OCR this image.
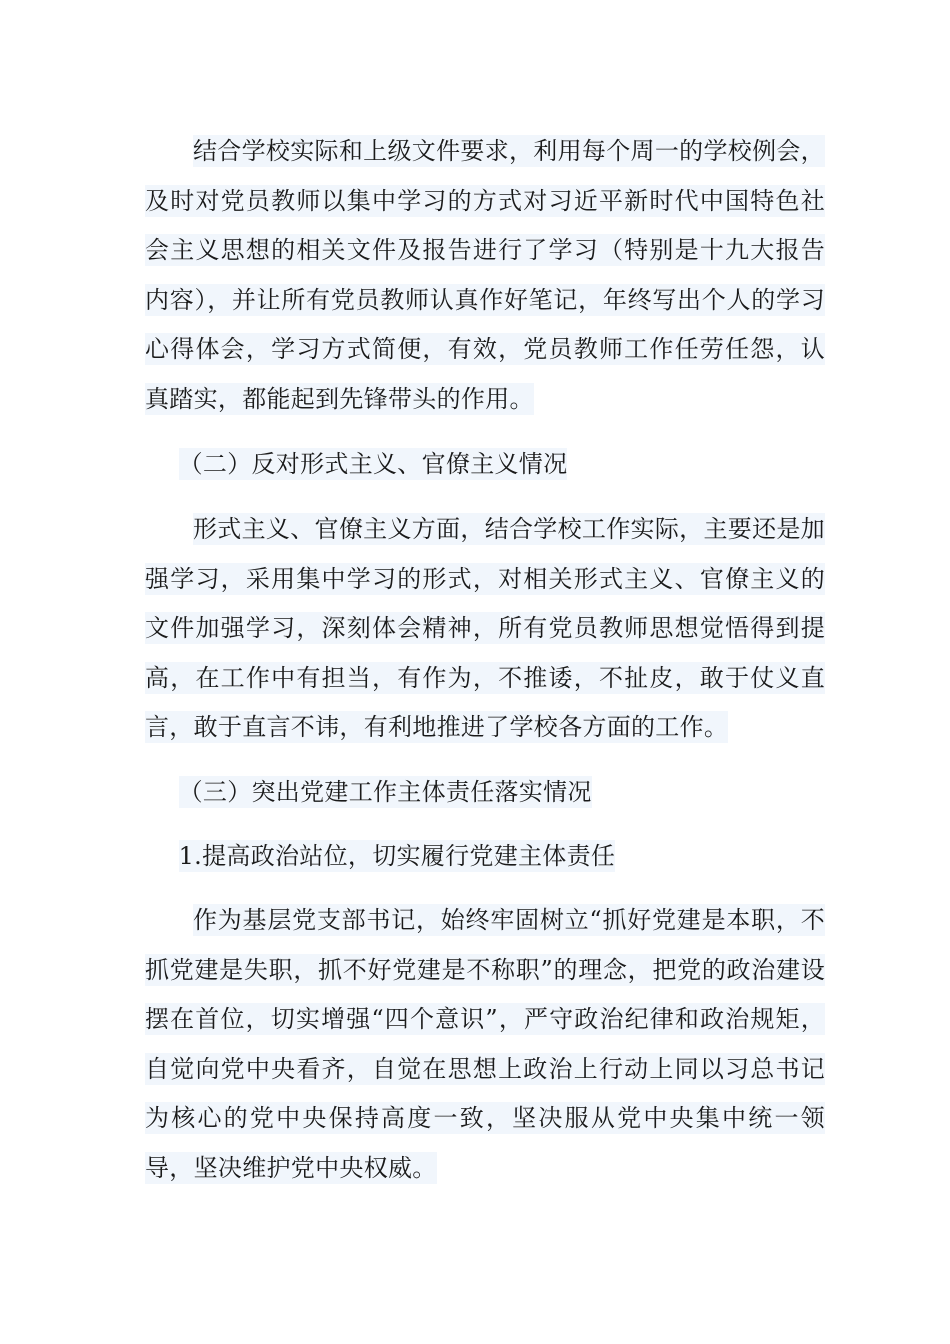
结合学校实际和上级文件要求，利用每个周一的学校例会，及时对党员教师以集中学习的方式对习近平新时代中国特色社会主义思想的相关文件及报告进行了学习（特别是十九大报告内容），并让所有党员教师认真作好笔记，年终写出个人的学习心得体会，学习方式简便，有效，党员教师工作任劳任怨，认真踏实，都能起到先锋带头的作用。

（二）反对形式主义、官僚主义情况

形式主义、官僚主义方面，结合学校工作实际，主要还是加强学习，采用集中学习的形式，对相关形式主义、官僚主义的文件加强学习，深刻体会精神，所有党员教师思想觉悟得到提高，在工作中有担当，有作为，不推诿，不扯皮，敢于仗义直言，敢于直言不讳，有利地推进了学校各方面的工作。

（三）突出党建工作主体责任落实情况

1.提高政治站位，切实履行党建主体责任

作为基层党支部书记，始终牢固树立“抓好党建是本职，不抓党建是失职，抓不好党建是不称职”的理念，把党的政治建设摆在首位，切实增强“四个意识”，严守政治纪律和政治规矩，自觉向党中央看齐，自觉在思想上政治上行动上同以习总书记为核心的党中央保持高度一致，坚决服从党中央集中统一领导，坚决维护党中央权威。
